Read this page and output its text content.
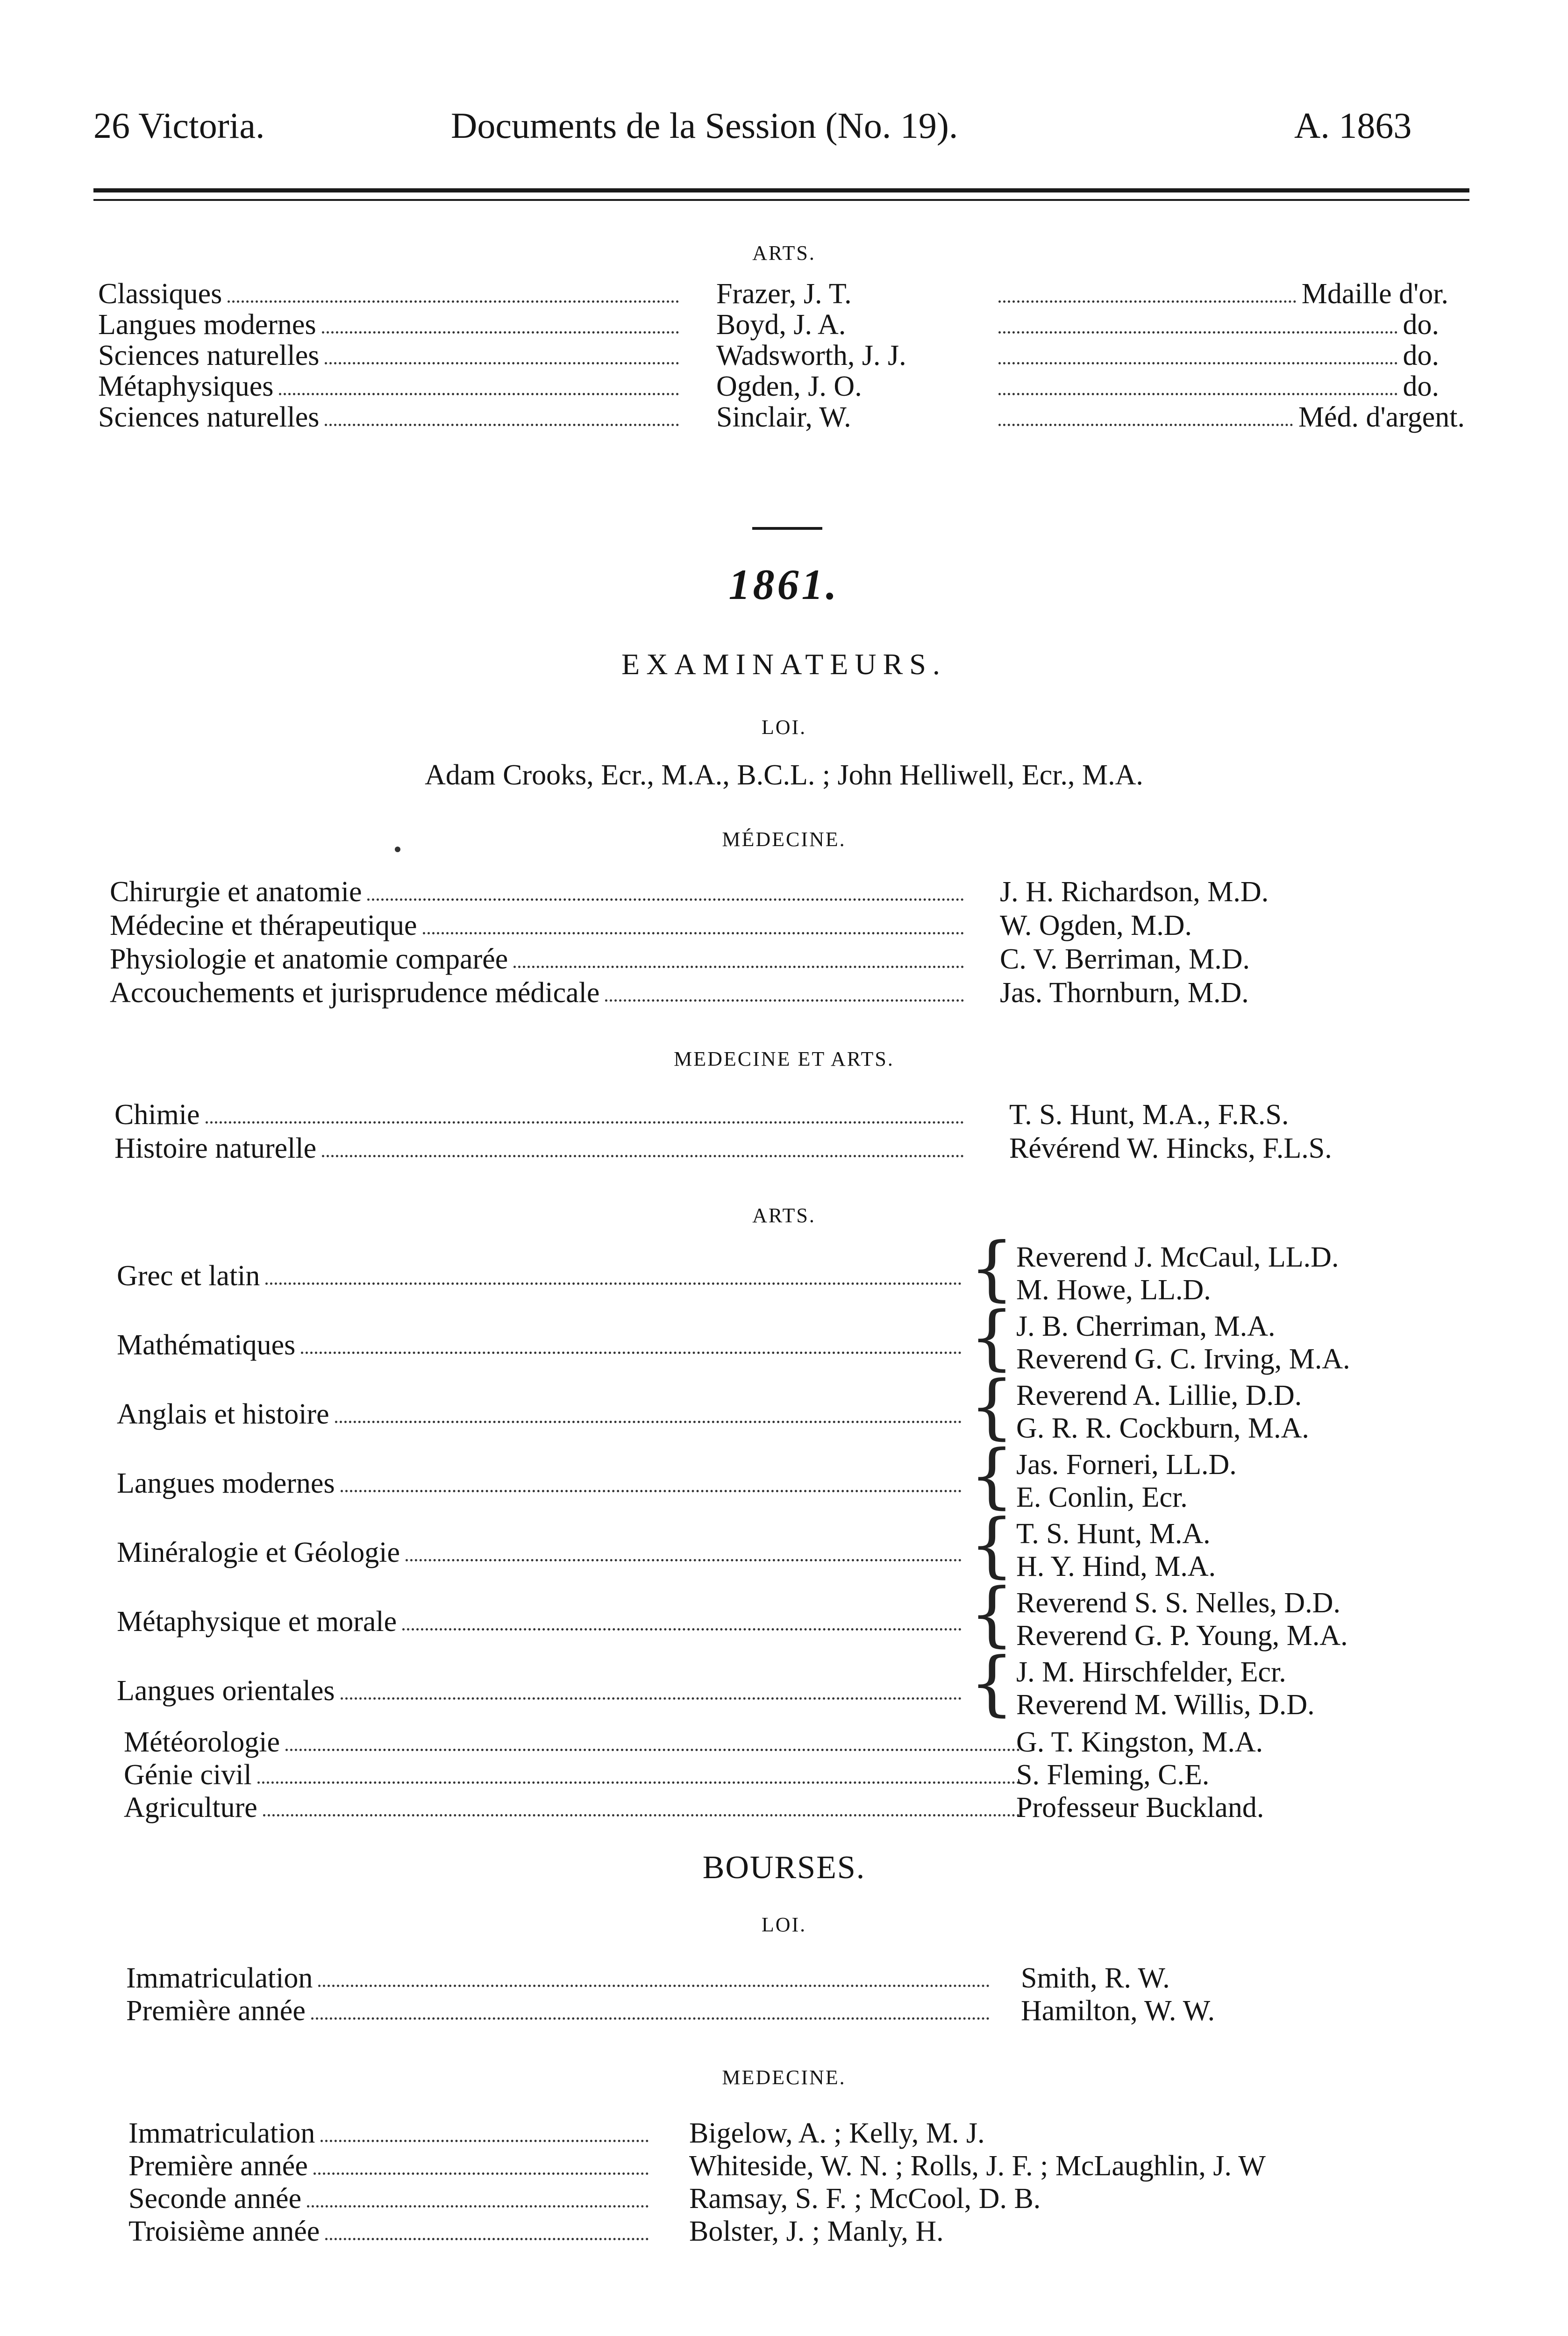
26 Victoria.	Documents de la Session (No. 19).	A. 1863
ARTS.
Classiques	Frazer, J. T.	Mdaille d'or.
Langues modernes	Boyd, J. A.	do.
Sciences naturelles	Wadsworth, J. J.	do.
Métaphysiques	Ogden, J. O.	do.
Sciences naturelles	Sinclair, W.	Méd. d'argent.
1861.
EXAMINATEURS.
LOI.
Adam Crooks, Ecr., M.A., B.C.L. ; John Helliwell, Ecr., M.A.
MÉDECINE.
Chirurgie et anatomie	J. H. Richardson, M.D.
Médecine et thérapeutique	W. Ogden, M.D.
Physiologie et anatomie comparée	C. V. Berriman, M.D.
Accouchements et jurisprudence médicale	Jas. Thornburn, M.D.
MEDECINE ET ARTS.
Chimie	T. S. Hunt, M.A., F.R.S.
Histoire naturelle	Révérend W. Hincks, F.L.S.
ARTS.
Grec et latin	{ Reverend J. McCaul, LL.D.
M. Howe, LL.D.
Mathématiques	{ J. B. Cherriman, M.A.
Reverend G. C. Irving, M.A.
Anglais et histoire	{ Reverend A. Lillie, D.D.
G. R. R. Cockburn, M.A.
Langues modernes	{ Jas. Forneri, LL.D.
E. Conlin, Ecr.
Minéralogie et Géologie	{ T. S. Hunt, M.A.
H. Y. Hind, M.A.
Métaphysique et morale	{ Reverend S. S. Nelles, D.D.
Reverend G. P. Young, M.A.
Langues orientales	{ J. M. Hirschfelder, Ecr.
Reverend M. Willis, D.D.
Météorologie	G. T. Kingston, M.A.
Génie civil	S. Fleming, C.E.
Agriculture	Professeur Buckland.
BOURSES.
LOI.
Immatriculation	Smith, R. W.
Première année	Hamilton, W. W.
MEDECINE.
Immatriculation	Bigelow, A. ; Kelly, M. J.
Première année	Whiteside, W. N. ; Rolls, J. F. ; McLaughlin, J. W
Seconde année	Ramsay, S. F. ; McCool, D. B.
Troisième année	Bolster, J. ; Manly, H.
